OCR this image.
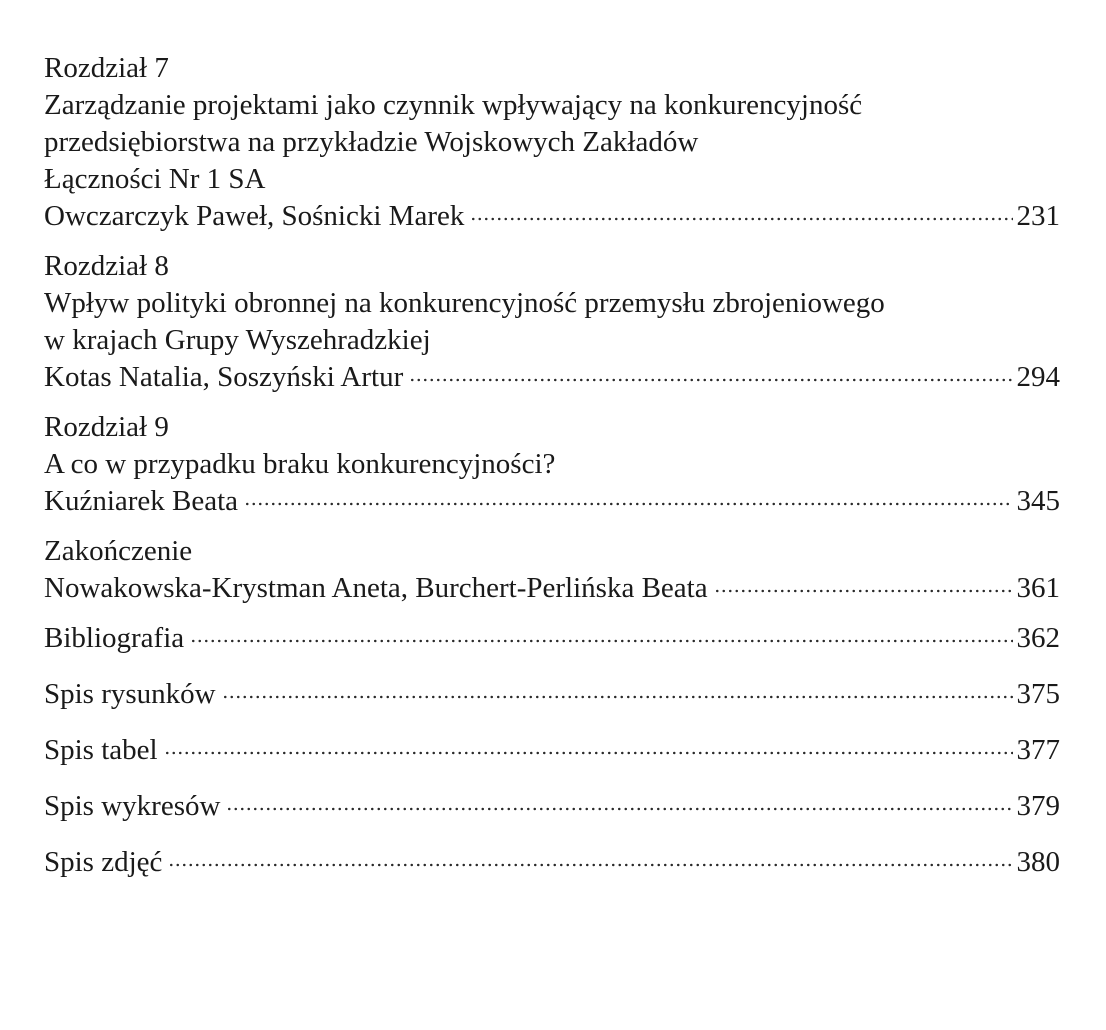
Rozdział 7
Zarządzanie projektami jako czynnik wpływający na konkurencyjność
przedsiębiorstwa na przykładzie Wojskowych Zakładów
Łączności Nr 1 SA
Owczarczyk Paweł, Sośnicki Marek	231
Rozdział 8
Wpływ polityki obronnej na konkurencyjność przemysłu zbrojeniowego
w krajach Grupy Wyszehradzkiej
Kotas Natalia, Soszyński Artur	294
Rozdział 9
A co w przypadku braku konkurencyjności?
Kuźniarek Beata	345
Zakończenie
Nowakowska-Krystman Aneta, Burchert-Perlińska Beata	361
Bibliografia	362
Spis rysunków	375
Spis tabel	377
Spis wykresów	379
Spis zdjęć	380
